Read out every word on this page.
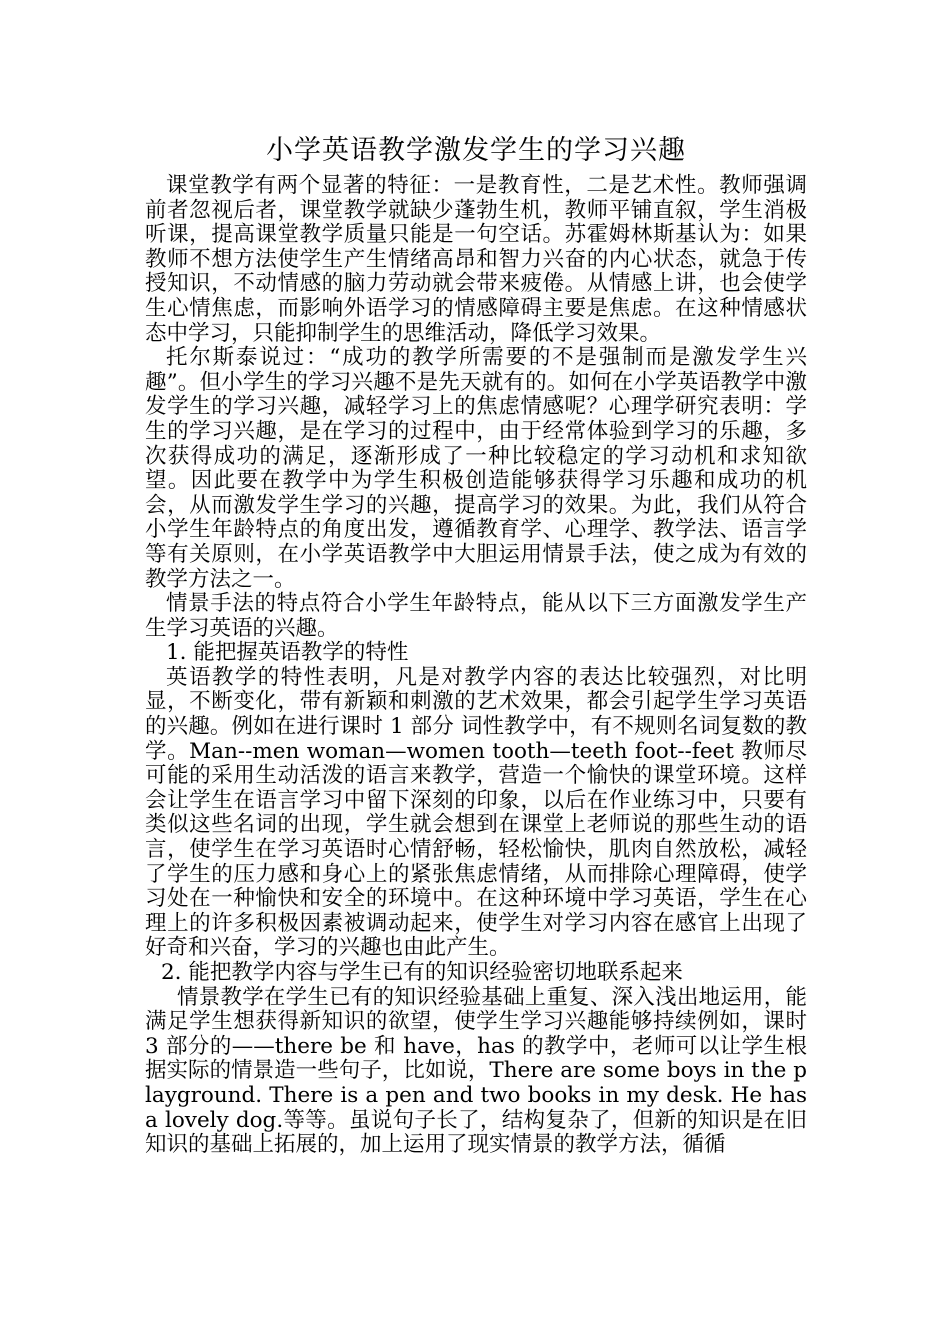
小学英语教学激发学生的学习兴趣

课堂教学有两个显著的特征：一是教育性，二是艺术性。教师强调前者忽视后者，课堂教学就缺少蓬勃生机，教师平铺直叙，学生消极听课，提高课堂教学质量只能是一句空话。苏霍姆林斯基认为：如果教师不想方法使学生产生情绪高昂和智力兴奋的内心状态，就急于传授知识，不动情感的脑力劳动就会带来疲倦。从情感上讲，也会使学生心情焦虑，而影响外语学习的情感障碍主要是焦虑。在这种情感状态中学习，只能抑制学生的思维活动，降低学习效果。

托尔斯泰说过：“成功的教学所需要的不是强制而是激发学生兴趣”。但小学生的学习兴趣不是先天就有的。如何在小学英语教学中激发学生的学习兴趣，减轻学习上的焦虑情感呢？心理学研究表明：学生的学习兴趣，是在学习的过程中，由于经常体验到学习的乐趣，多次获得成功的满足，逐渐形成了一种比较稳定的学习动机和求知欲望。因此要在教学中为学生积极创造能够获得学习乐趣和成功的机会，从而激发学生学习的兴趣，提高学习的效果。为此，我们从符合小学生年龄特点的角度出发，遵循教育学、心理学、教学法、语言学等有关原则，在小学英语教学中大胆运用情景手法，使之成为有效的教学方法之一。

情景手法的特点符合小学生年龄特点，能从以下三方面激发学生产生学习英语的兴趣。

1. 能把握英语教学的特性

英语教学的特性表明，凡是对教学内容的表达比较强烈，对比明显，不断变化，带有新颖和刺激的艺术效果，都会引起学生学习英语的兴趣。例如在进行课时 1 部分 词性教学中，有不规则名词复数的教学。Man--men woman—women tooth—teeth foot--feet 教师尽可能的采用生动活泼的语言来教学，营造一个愉快的课堂环境。这样会让学生在语言学习中留下深刻的印象，以后在作业练习中，只要有类似这些名词的出现，学生就会想到在课堂上老师说的那些生动的语言，使学生在学习英语时心情舒畅，轻松愉快，肌肉自然放松，减轻了学生的压力感和身心上的紧张焦虑情绪，从而排除心理障碍，使学习处在一种愉快和安全的环境中。在这种环境中学习英语，学生在心理上的许多积极因素被调动起来，使学生对学习内容在感官上出现了好奇和兴奋，学习的兴趣也由此产生。

2. 能把教学内容与学生已有的知识经验密切地联系起来

情景教学在学生已有的知识经验基础上重复、深入浅出地运用，能满足学生想获得新知识的欲望，使学生学习兴趣能够持续例如，课时 3 部分的——there be 和 have，has 的教学中，老师可以让学生根据实际的情景造一些句子，比如说，There are some boys in the playground. There is a pen and two books in my desk. He has a lovely dog.等等。虽说句子长了，结构复杂了，但新的知识是在旧知识的基础上拓展的，加上运用了现实情景的教学方法，循循
